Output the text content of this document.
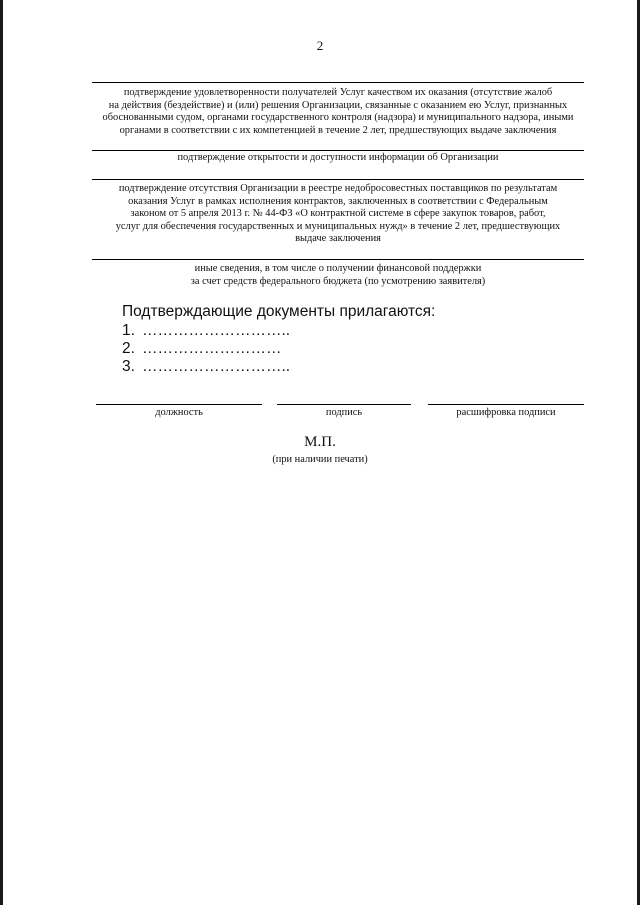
2
подтверждение удовлетворенности получателей Услуг качеством их оказания (отсутствие жалоб
на действия (бездействие) и (или) решения Организации, связанные с оказанием ею Услуг, признанных
обоснованными судом, органами государственного контроля (надзора) и муниципального надзора, иными
органами в соответствии с их компетенцией в течение 2 лет, предшествующих выдаче заключения
подтверждение открытости и доступности информации об Организации
подтверждение отсутствия Организации в реестре недобросовестных поставщиков по результатам
оказания Услуг в рамках исполнения контрактов, заключенных в соответствии с Федеральным
законом от 5 апреля 2013 г. № 44-ФЗ «О контрактной системе в сфере закупок товаров, работ,
услуг для обеспечения государственных и муниципальных нужд» в течение 2 лет, предшествующих
выдаче заключения
иные сведения, в том числе о получении финансовой поддержки
за счет средств федерального бюджета (по усмотрению заявителя)
Подтверждающие документы прилагаются:
1. ………………………..
2. ………………………
3. ………………………..
должность	подпись	расшифровка подписи
М.П.
(при наличии печати)
